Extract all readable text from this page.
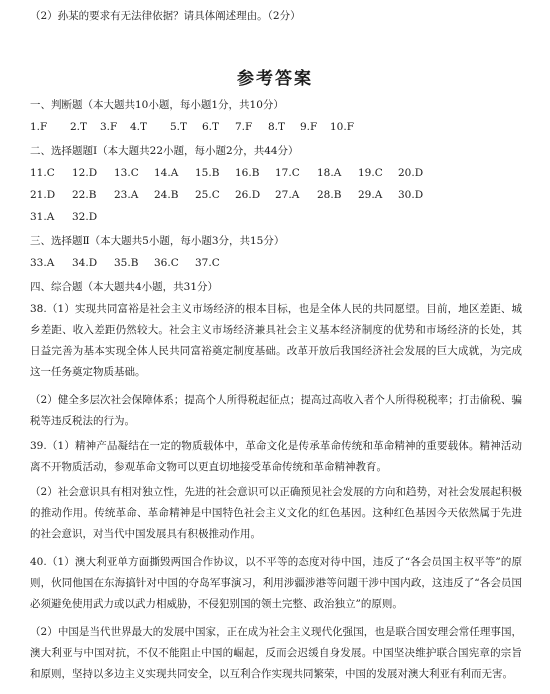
（2）孙某的要求有无法律依据？请具体阐述理由。（2分）
参考答案
一、判断题（本大题共10小题，每小题1分，共10分）
1.F 2.T 3.F 4.T 5.T 6.T 7.F 8.T 9.F 10.F
二、选择题题Ⅰ（本大题共22小题，每小题2分，共44分）
11.C 12.D 13.C 14.A 15.B 16.B 17.C 18.A 19.C 20.D
21.D 22.B 23.A 24.B 25.C 26.D 27.A 28.B 29.A 30.D
31.A 32.D
三、选择题Ⅱ（本大题共5小题，每小题3分，共15分）
33.A 34.D 35.B 36.C 37.C
四、综合题（本大题共4小题，共31分）
38.（1）实现共同富裕是社会主义市场经济的根本目标，也是全体人民的共同愿望。目前，地区差距、城乡差距、收入差距仍然较大。社会主义市场经济兼具社会主义基本经济制度的优势和市场经济的长处，其日益完善为基本实现全体人民共同富裕奠定制度基础。改革开放后我国经济社会发展的巨大成就，为完成这一任务奠定物质基础。
（2）健全多层次社会保障体系；提高个人所得税起征点；提高过高收入者个人所得税税率；打击偷税、骗税等违反税法的行为。
39.（1）精神产品凝结在一定的物质载体中，革命文化是传承革命传统和革命精神的重要载体。精神活动离不开物质活动，参观革命文物可以更直切地接受革命传统和革命精神教育。
（2）社会意识具有相对独立性，先进的社会意识可以正确预见社会发展的方向和趋势，对社会发展起积极的推动作用。传统革命、革命精神是中国特色社会主义文化的红色基因。这种红色基因今天依然属于先进的社会意识，对当代中国发展具有积极推动作用。
40.（1）澳大利亚单方面撕毁两国合作协议，以不平等的态度对待中国，违反了“各会员国主权平等”的原则，伙同他国在东海搞针对中国的夺岛军事演习，利用涉疆涉港等问题干涉中国内政，这违反了“各会员国必须避免使用武力或以武力相威胁，不侵犯别国的领土完整、政治独立”的原则。
（2）中国是当代世界最大的发展中国家，正在成为社会主义现代化强国，也是联合国安理会常任理事国，澳大利亚与中国对抗，不仅不能阻止中国的崛起，反而会迟缓自身发展。中国坚决维护联合国宪章的宗旨和原则，坚持以多边主义实现共同安全，以互利合作实现共同繁荣，中国的发展对澳大利亚有利而无害。
